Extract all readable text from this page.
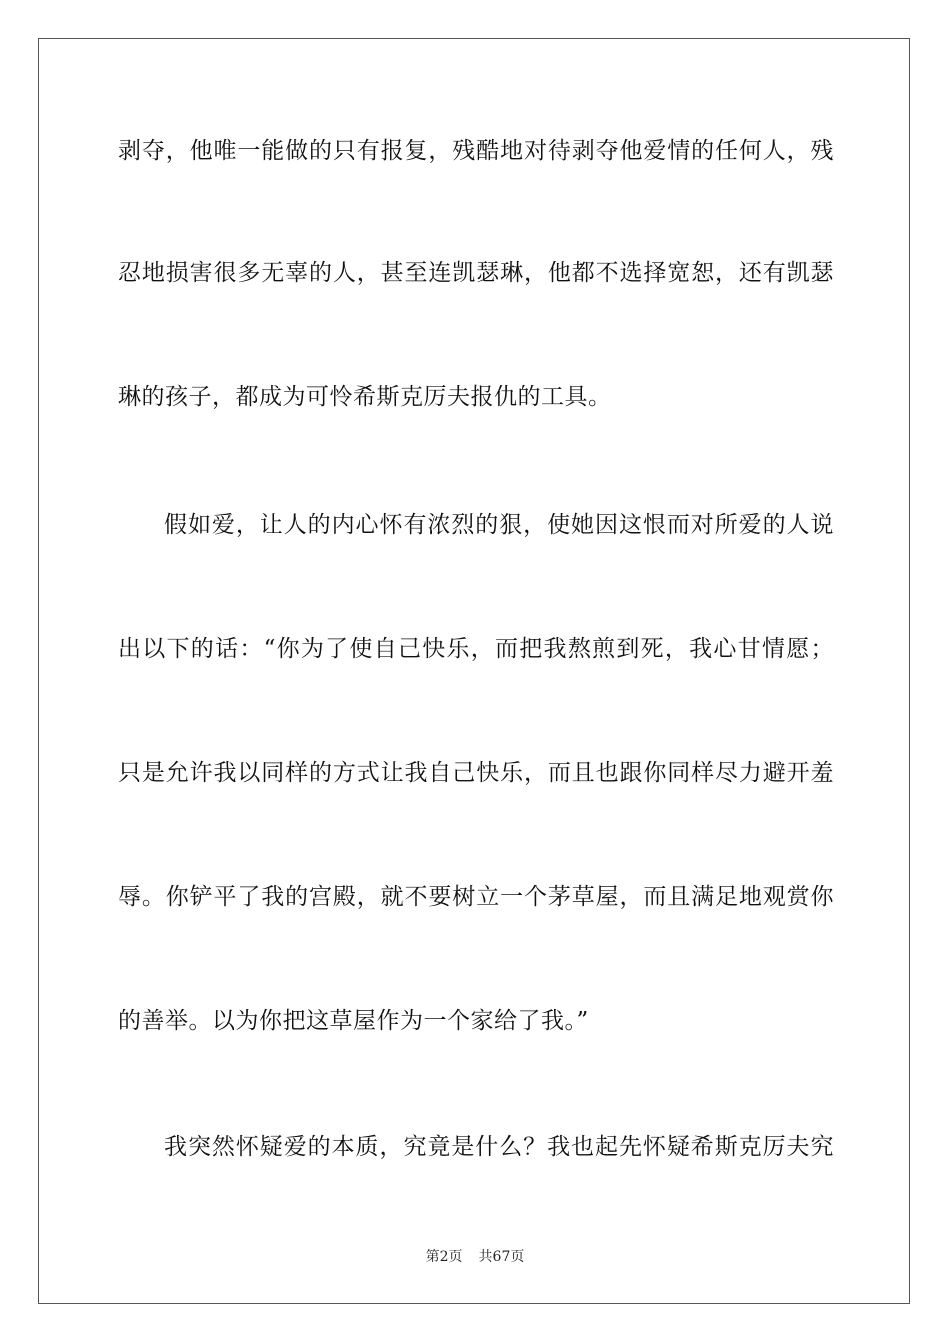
剥夺，他唯一能做的只有报复，残酷地对待剥夺他爱情的任何人，残
忍地损害很多无辜的人，甚至连凯瑟琳，他都不选择宽恕，还有凯瑟
琳的孩子，都成为可怜希斯克厉夫报仇的工具。
假如爱，让人的内心怀有浓烈的狠，使她因这恨而对所爱的人说
出以下的话：“你为了使自己快乐，而把我熬煎到死，我心甘情愿；
只是允许我以同样的方式让我自己快乐，而且也跟你同样尽力避开羞
辱。你铲平了我的宫殿，就不要树立一个茅草屋，而且满足地观赏你
的善举。以为你把这草屋作为一个家给了我。”
我突然怀疑爱的本质，究竟是什么？我也起先怀疑希斯克厉夫究
第2页 共67页
